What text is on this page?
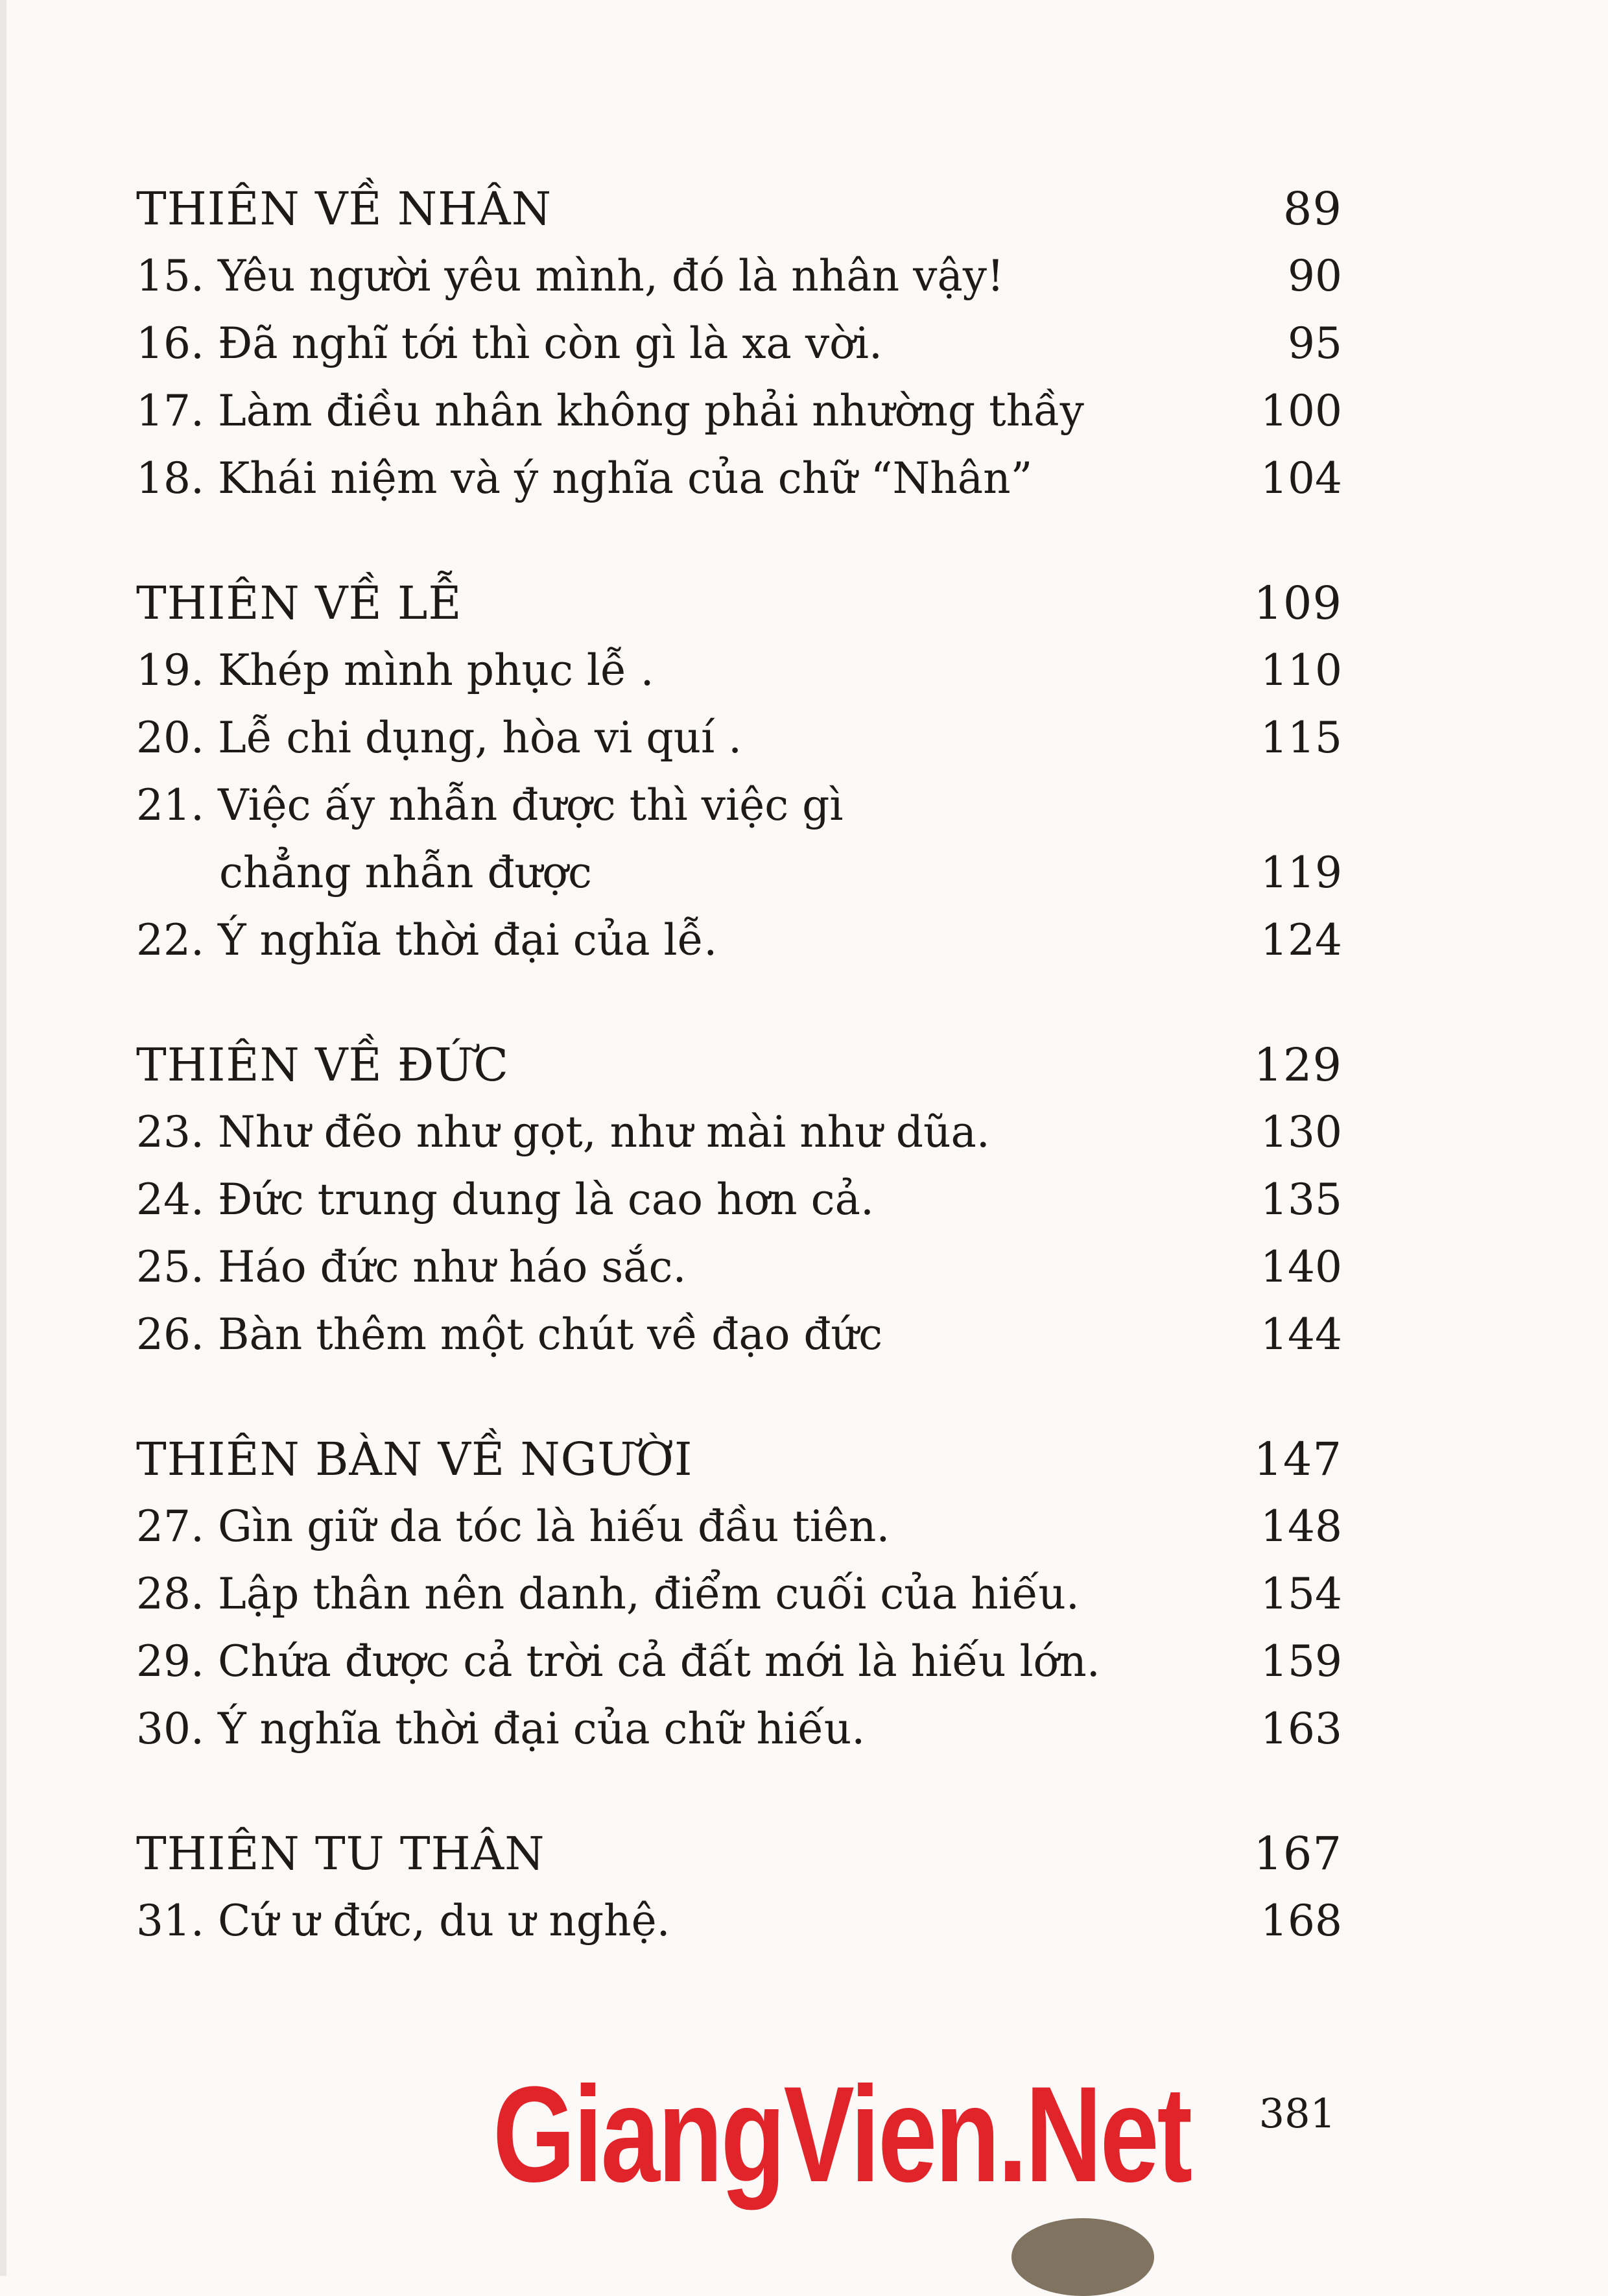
THIÊN VỀ NHÂN	89
15. Yêu người yêu mình, đó là nhân vậy!	90
16. Đã nghĩ tới thì còn gì là xa vời.	95
17. Làm điều nhân không phải nhường thầy	100
18. Khái niệm và ý nghĩa của chữ “Nhân”	104
THIÊN VỀ LỄ	109
19. Khép mình phục lễ .	110
20. Lễ chi dụng, hòa vi quí .	115
21. Việc ấy nhẫn được thì việc gì
chẳng nhẫn được	119
22. Ý nghĩa thời đại của lễ.	124
THIÊN VỀ ĐỨC	129
23. Như đẽo như gọt, như mài như dũa.	130
24. Đức trung dung là cao hơn cả.	135
25. Háo đức như háo sắc.	140
26. Bàn thêm một chút về đạo đức	144
THIÊN BÀN VỀ NGƯỜI	147
27. Gìn giữ da tóc là hiếu đầu tiên.	148
28. Lập thân nên danh, điểm cuối của hiếu.	154
29. Chứa được cả trời cả đất mới là hiếu lớn.	159
30. Ý nghĩa thời đại của chữ hiếu.	163
THIÊN TU THÂN	167
31. Cứ ư đức, du ư nghệ.	168
GiangVien.Net	381
